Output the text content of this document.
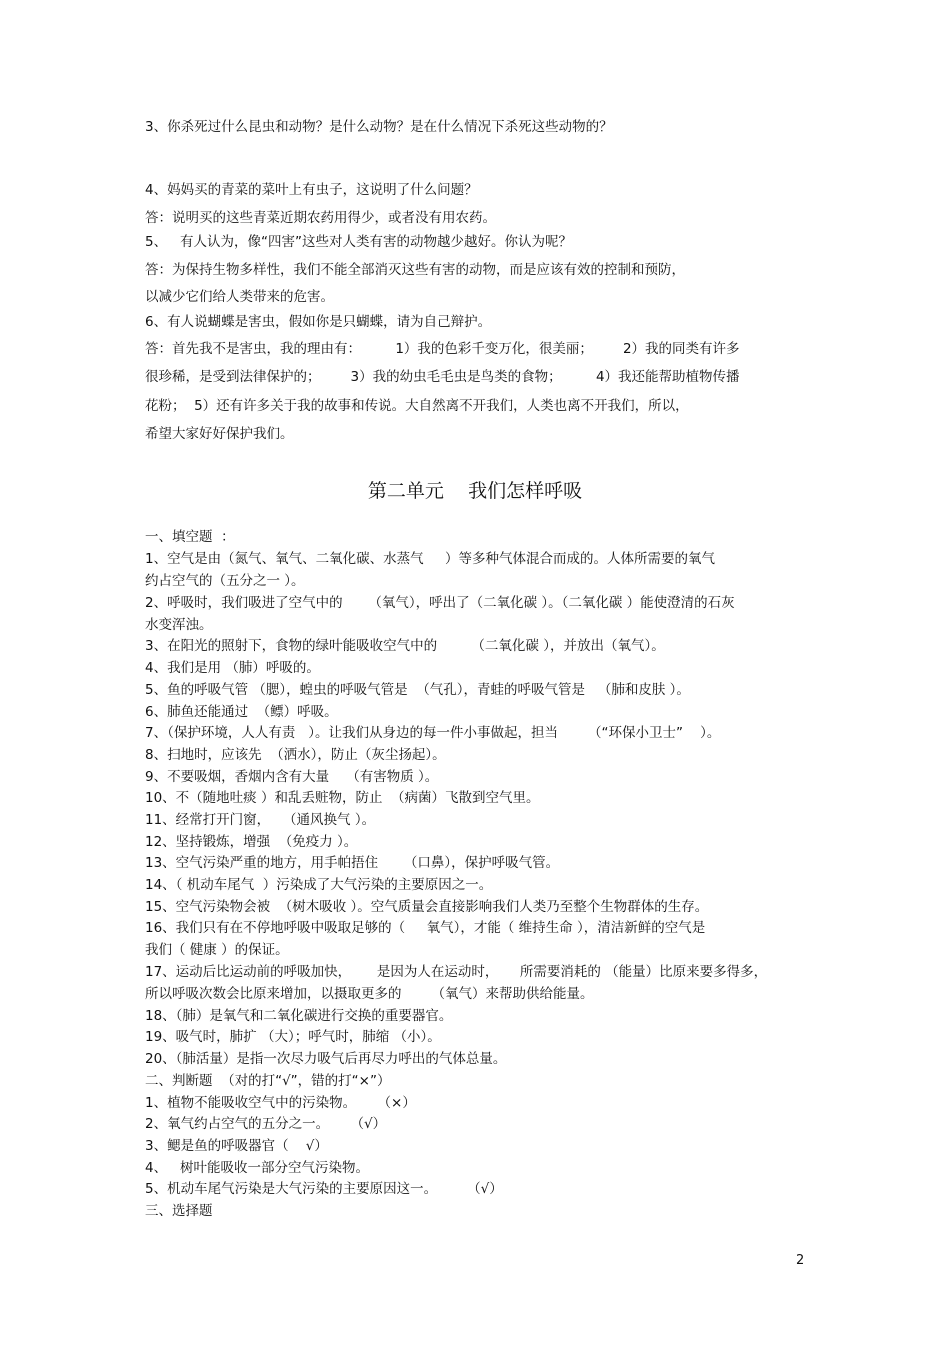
3、你杀死过什么昆虫和动物？是什么动物？是在什么情况下杀死这些动物的？
4、妈妈买的青菜的菜叶上有虫子，这说明了什么问题？
答：说明买的这些青菜近期农药用得少，或者没有用农药。
5、   有人认为，像“四害”这些对人类有害的动物越少越好。你认为呢？
答：为保持生物多样性，我们不能全部消灭这些有害的动物，而是应该有效的控制和预防，
以减少它们给人类带来的危害。
6、有人说蝴蝶是害虫，假如你是只蝴蝶，请为自己辩护。
答：首先我不是害虫，我的理由有：        1）我的色彩千变万化，很美丽；       2）我的同类有许多
很珍稀，是受到法律保护的；       3）我的幼虫毛毛虫是鸟类的食物；        4）我还能帮助植物传播
花粉；  5）还有许多关于我的故事和传说。大自然离不开我们，人类也离不开我们，所以，
希望大家好好保护我们。
第二单元    我们怎样呼吸
一、填空题  ：
1、空气是由（氮气、氧气、二氧化碳、水蒸气     ）等多种气体混合而成的。人体所需要的氧气
约占空气的（五分之一 ）。
2、呼吸时，我们吸进了空气中的      （氧气），呼出了（二氧化碳 ）。（二氧化碳 ）能使澄清的石灰
水变浑浊。
3、在阳光的照射下，食物的绿叶能吸收空气中的        （二氧化碳 ），并放出（氧气）。
4、我们是用 （肺）呼吸的。
5、鱼的呼吸气管 （腮），蝗虫的呼吸气管是  （气孔），青蛙的呼吸气管是   （肺和皮肤 ）。
6、肺鱼还能通过  （鳔）呼吸。
7、（保护环境，人人有责   ）。让我们从身边的每一件小事做起，担当       （“环保小卫士”    ）。
8、扫地时，应该先  （洒水），防止（灰尘扬起）。
9、不要吸烟，香烟内含有大量    （有害物质 ）。
10、不（随地吐痰 ）和乱丢赃物，防止  （病菌）飞散到空气里。
11、经常打开门窗，   （通风换气 ）。
12、坚持锻炼，增强  （免疫力 ）。
13、空气污染严重的地方，用手帕捂住      （口鼻），保护呼吸气管。
14、（ 机动车尾气  ）污染成了大气污染的主要原因之一。
15、空气污染物会被  （树木吸收 ）。空气质量会直接影响我们人类乃至整个生物群体的生存。
16、我们只有在不停地呼吸中吸取足够的（     氧气），才能（ 维持生命 ），清洁新鲜的空气是
我们（ 健康 ）的保证。
17、运动后比运动前的呼吸加快，      是因为人在运动时，     所需要消耗的 （能量）比原来要多得多，
所以呼吸次数会比原来增加，以摄取更多的       （氧气）来帮助供给能量。
18、（肺）是氧气和二氧化碳进行交换的重要器官。
19、吸气时，肺扩 （大）；呼气时，肺缩 （小）。
20、（肺活量）是指一次尽力吸气后再尽力呼出的气体总量。
二、判断题  （对的打“√”，错的打“×”）
1、植物不能吸收空气中的污染物。     （×）
2、氧气约占空气的五分之一。     （√）
3、鳃是鱼的呼吸器官（    √）
4、   树叶能吸收一部分空气污染物。
5、机动车尾气污染是大气污染的主要原因这一。       （√）
三、选择题
2
